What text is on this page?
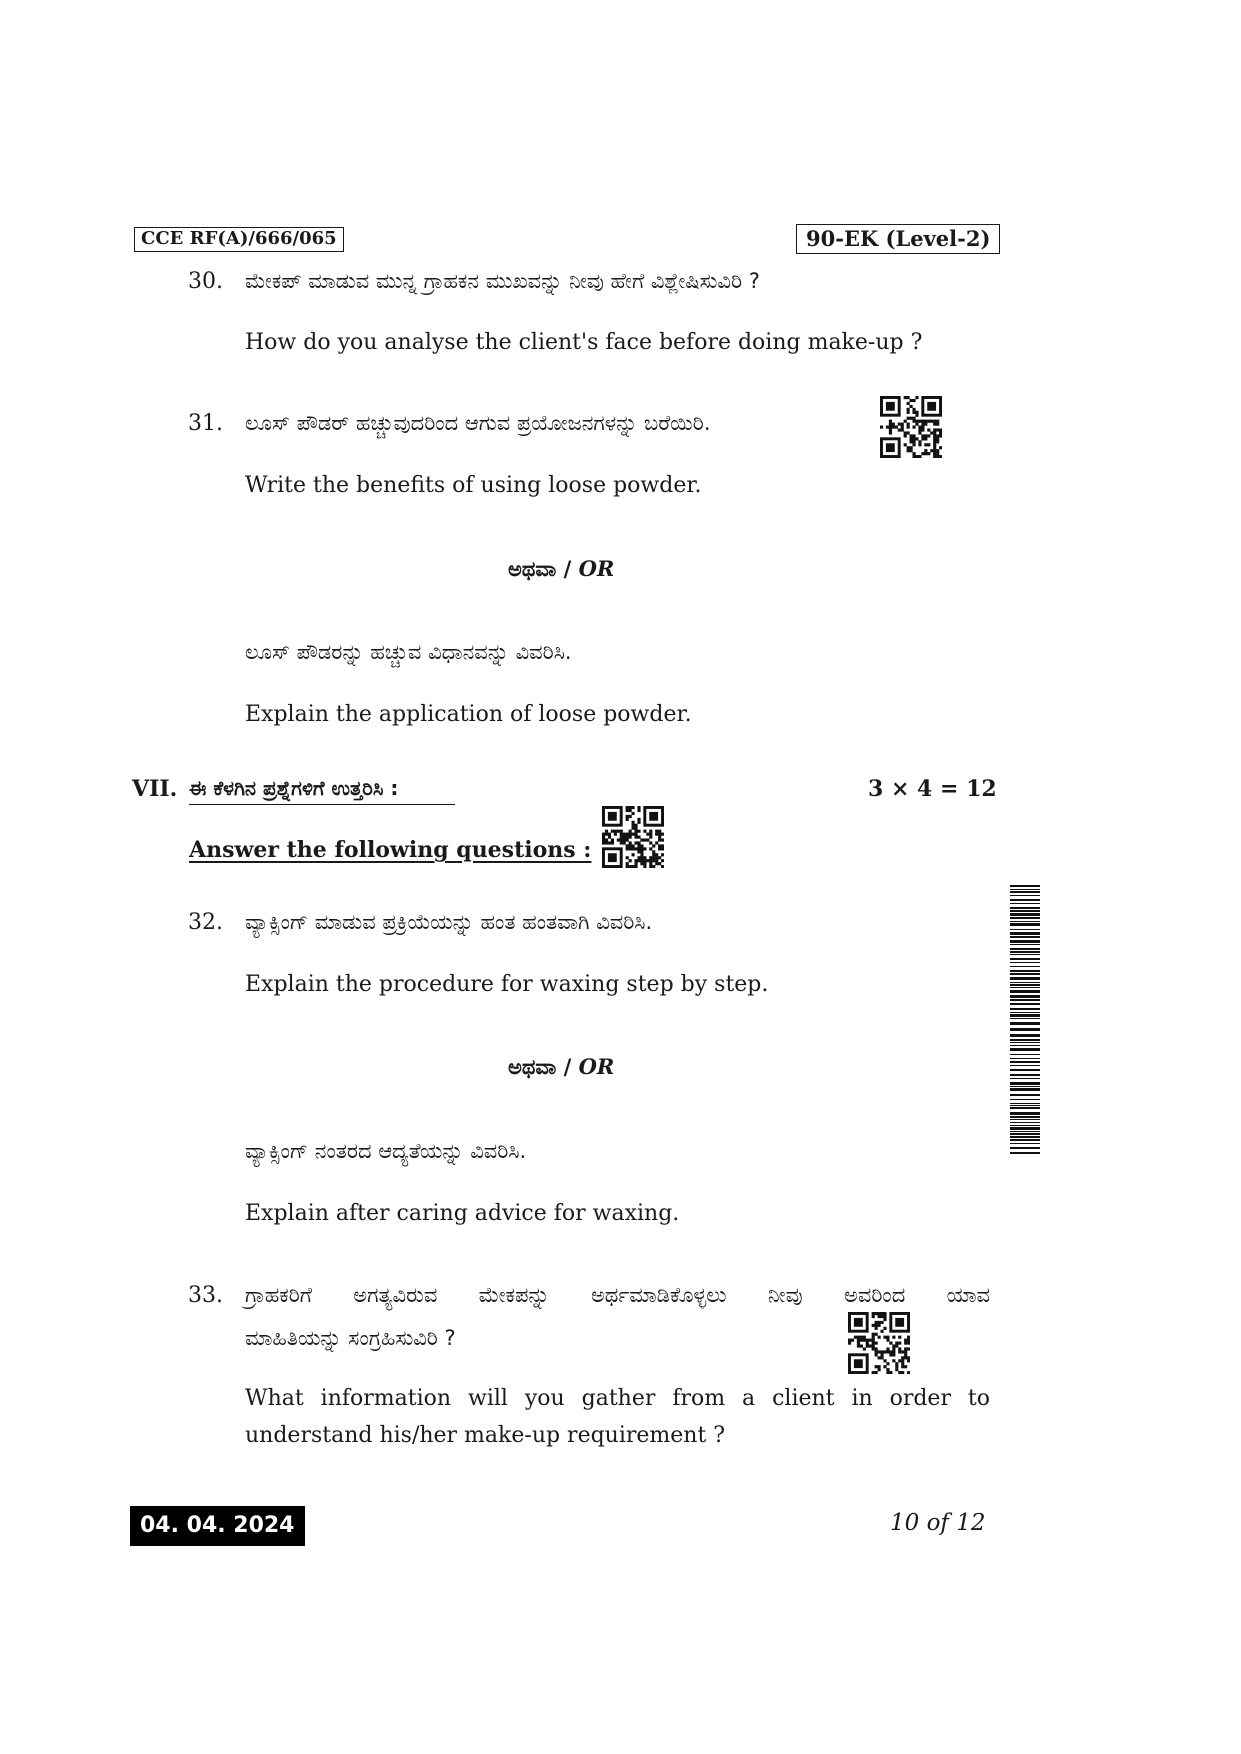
CCE RF(A)/666/065	90-EK (Level-2)
30. ಮೇಕಪ್ ಮಾಡುವ ಮುನ್ನ ಗ್ರಾಹಕನ ಮುಖವನ್ನು ನೀವು ಹೇಗೆ ವಿಶ್ಲೇಷಿಸುವಿರಿ ?
How do you analyse the client's face before doing make-up ?
31. ಲೂಸ್ ಪೌಡರ್ ಹಚ್ಚುವುದರಿಂದ ಆಗುವ ಪ್ರಯೋಜನಗಳನ್ನು ಬರೆಯಿರಿ.
Write the benefits of using loose powder.
ಅಥವಾ / OR
ಲೂಸ್ ಪೌಡರನ್ನು ಹಚ್ಚುವ ವಿಧಾನವನ್ನು ವಿವರಿಸಿ.
Explain the application of loose powder.
VII. ಈ ಕೆಳಗಿನ ಪ್ರಶ್ನೆಗಳಿಗೆ ಉತ್ತರಿಸಿ :	3 × 4 = 12
Answer the following questions :
32. ವ್ಯಾಕ್ಸಿಂಗ್ ಮಾಡುವ ಪ್ರಕ್ರಿಯೆಯನ್ನು ಹಂತ ಹಂತವಾಗಿ ವಿವರಿಸಿ.
Explain the procedure for waxing step by step.
ಅಥವಾ / OR
ವ್ಯಾಕ್ಸಿಂಗ್ ನಂತರದ ಆದ್ಯತೆಯನ್ನು ವಿವರಿಸಿ.
Explain after caring advice for waxing.
33. ಗ್ರಾಹಕರಿಗೆ ಅಗತ್ಯವಿರುವ ಮೇಕಪನ್ನು ಅರ್ಥಮಾಡಿಕೊಳ್ಳಲು ನೀವು ಅವರಿಂದ ಯಾವ
ಮಾಹಿತಿಯನ್ನು ಸಂಗ್ರಹಿಸುವಿರಿ ?
What information will you gather from a client in order to
understand his/her make-up requirement ?
04. 04. 2024	10 of 12
